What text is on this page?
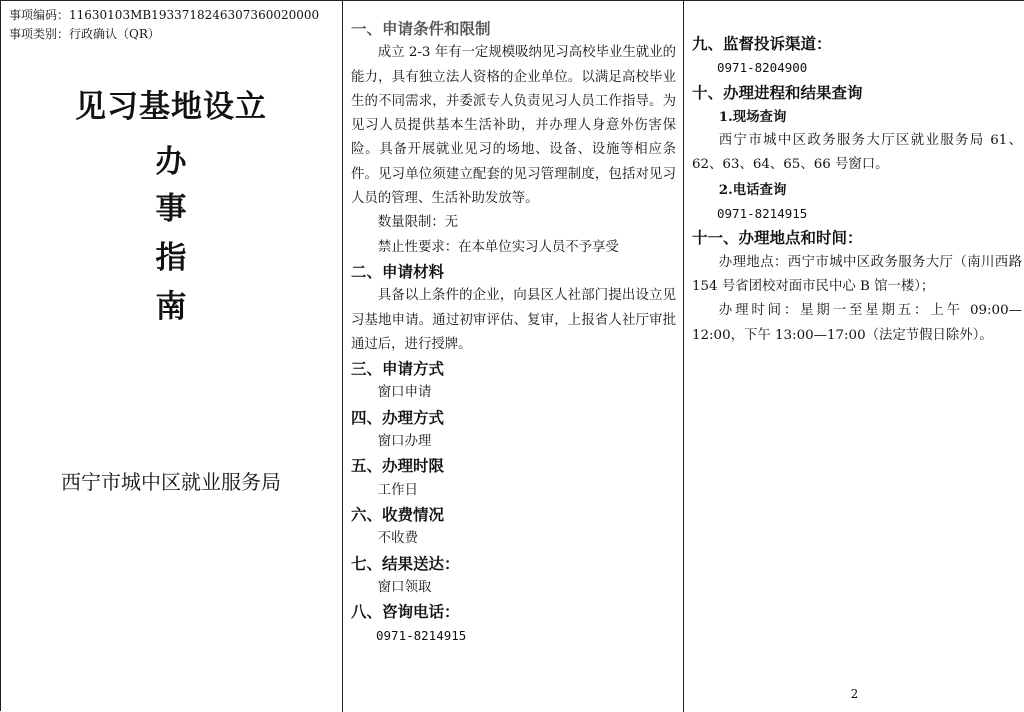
事项编码：11630103MB1933718246307360020000
事项类别：行政确认（QR）
见习基地设立
办
事
指
南
西宁市城中区就业服务局
一、申请条件和限制
成立 2-3 年有一定规模吸纳见习高校毕业生就业的能力，具有独立法人资格的企业单位。以满足高校毕业生的不同需求，并委派专人负责见习人员工作指导。为见习人员提供基本生活补助，并办理人身意外伤害保险。具备开展就业见习的场地、设备、设施等相应条件。见习单位须建立配套的见习管理制度，包括对见习人员的管理、生活补助发放等。
数量限制：无
禁止性要求：在本单位实习人员不予享受
二、申请材料
具备以上条件的企业，向县区人社部门提出设立见习基地申请。通过初审评估、复审，上报省人社厅审批通过后，进行授牌。
三、申请方式
窗口申请
四、办理方式
窗口办理
五、办理时限
工作日
六、收费情况
不收费
七、结果送达：
窗口领取
八、咨询电话：
0971-8214915
九、监督投诉渠道：
0971-8204900
十、办理进程和结果查询
1.现场查询
西宁市城中区政务服务大厅区就业服务局 61、62、63、64、65、66 号窗口。
2.电话查询
0971-8214915
十一、办理地点和时间：
办理地点：西宁市城中区政务服务大厅（南川西路 154 号省团校对面市民中心 B 馆一楼）；
办理时间：星期一至星期五：上午 09:00—12:00，下午 13:00—17:00（法定节假日除外）。
2
